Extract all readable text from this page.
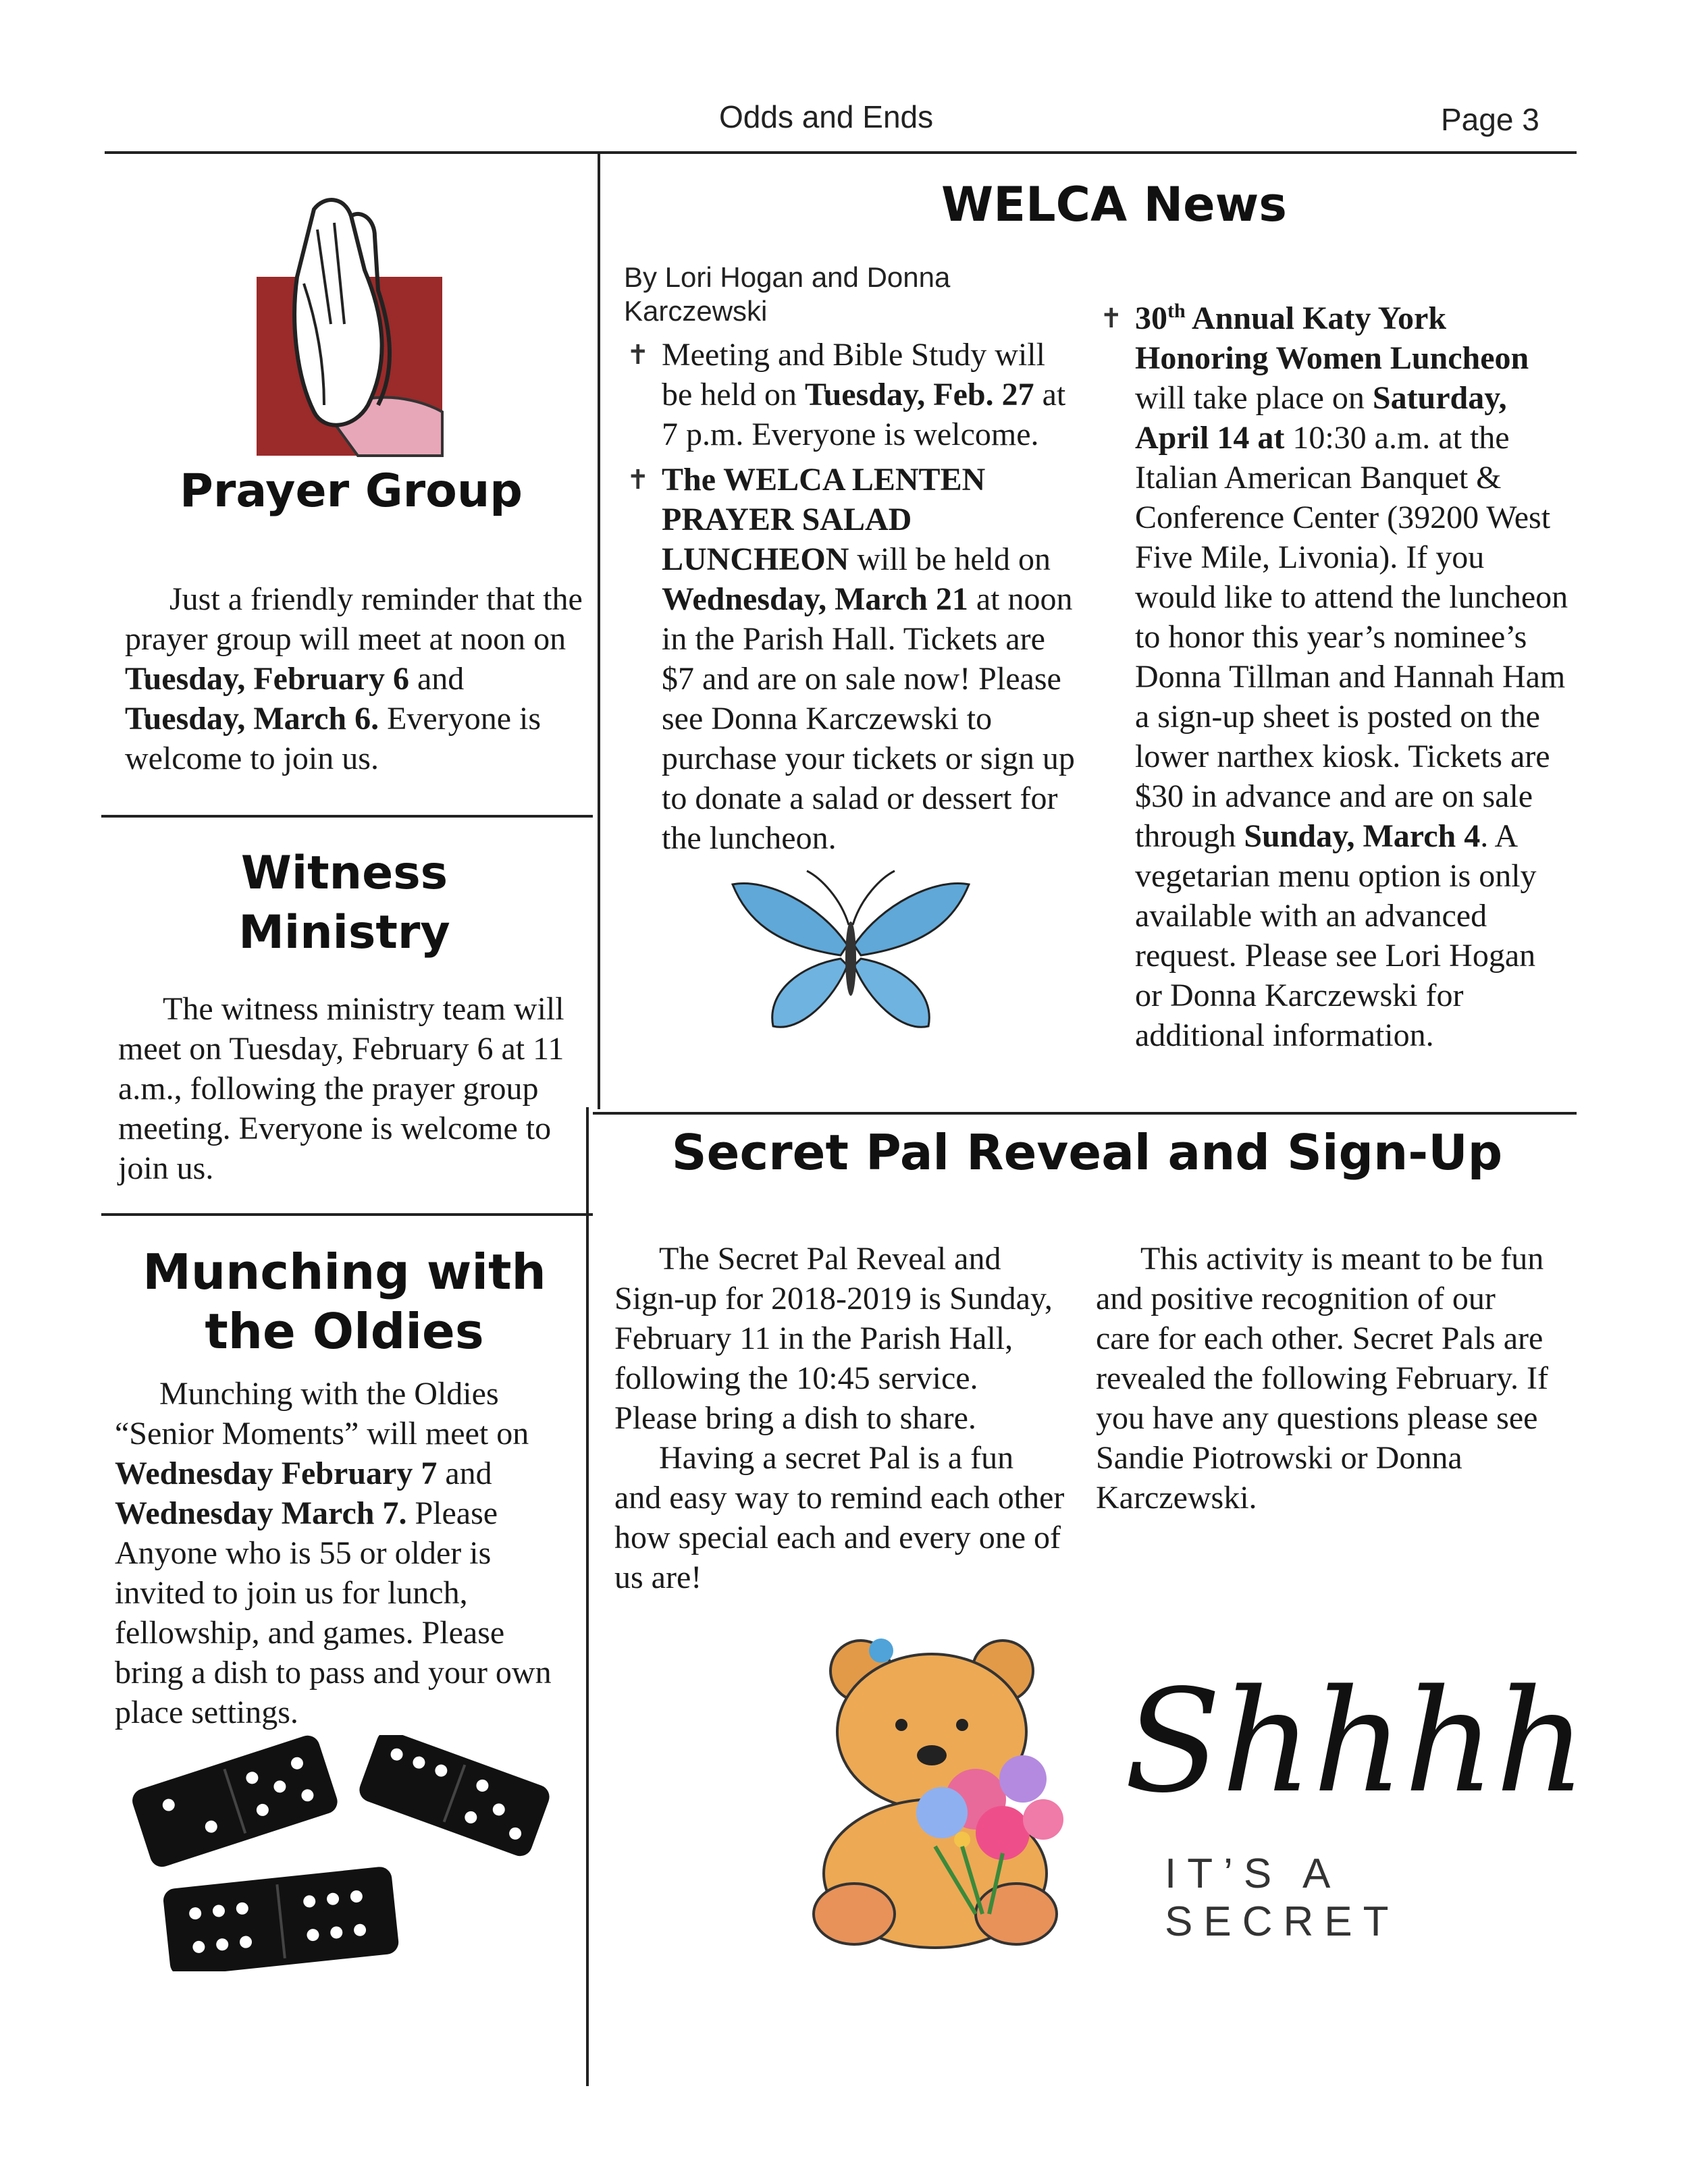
Odds and Ends	Page 3
Prayer Group

Just a friendly reminder that the prayer group will meet at noon on Tuesday, February 6 and Tuesday, March 6. Everyone is welcome to join us.

Witness
Ministry

The witness ministry team will meet on Tuesday, February 6 at 11 a.m., following the prayer group meeting. Everyone is welcome to join us.

Munching with
the Oldies

Munching with the Oldies “Senior Moments” will meet on Wednesday February 7 and Wednesday March 7. Please Anyone who is 55 or older is invited to join us for lunch, fellowship, and games. Please bring a dish to pass and your own place settings.

WELCA News
By Lori Hogan and Donna Karczewski
✝ Meeting and Bible Study will be held on Tuesday, Feb. 27 at 7 p.m. Everyone is welcome.
✝ The WELCA LENTEN PRAYER SALAD LUNCHEON will be held on Wednesday, March 21 at noon in the Parish Hall. Tickets are $7 and are on sale now! Please see Donna Karczewski to purchase your tickets or sign up to donate a salad or dessert for the luncheon.
✝ 30th Annual Katy York Honoring Women Luncheon will take place on Saturday, April 14 at 10:30 a.m. at the Italian American Banquet & Conference Center (39200 West Five Mile, Livonia). If you would like to attend the luncheon to honor this year’s nominee’s Donna Tillman and Hannah Ham a sign-up sheet is posted on the lower narthex kiosk. Tickets are $30 in advance and are on sale through Sunday, March 4. A vegetarian menu option is only available with an advanced request. Please see Lori Hogan or Donna Karczewski for additional information.
Secret Pal Reveal and Sign-Up

The Secret Pal Reveal and Sign-up for 2018-2019 is Sunday, February 11 in the Parish Hall, following the 10:45 service. Please bring a dish to share.

Having a secret Pal is a fun and easy way to remind each other how special each and every one of us are!

This activity is meant to be fun and positive recognition of our care for each other. Secret Pals are revealed the following February. If you have any questions please see Sandie Piotrowski or Donna Karczewski.

Shhhh
IT’S A SECRET
